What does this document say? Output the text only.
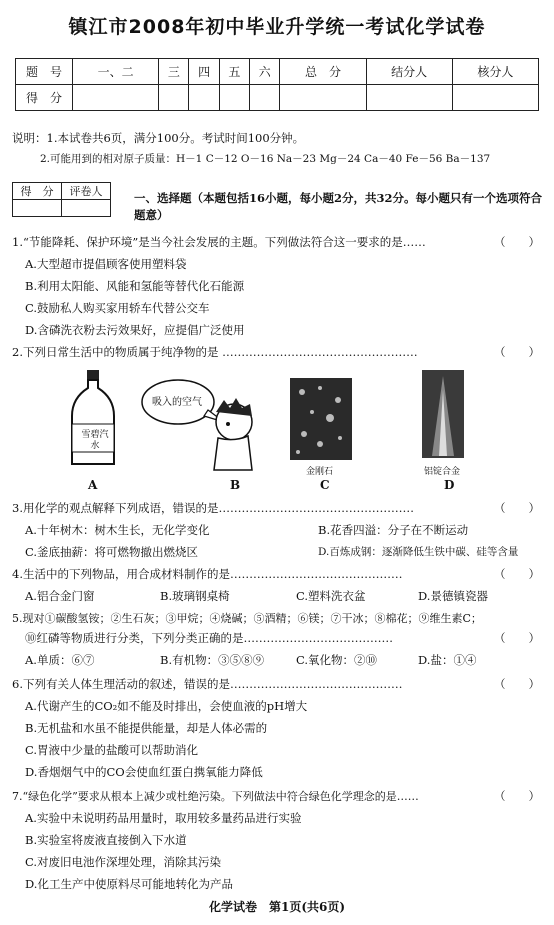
镇江市2008年初中毕业升学统一考试化学试卷
题　号	一、二	三	四	五	六	总　分	结分人	核分人
得　分								
说明：1.本试卷共6页，满分100分。考试时间100分钟。
2.可能用到的相对原子质量：H－1 C－12 O－16 Na－23 Mg－24 Ca－40 Fe－56 Ba－137
得　分	评卷人
		一、选择题（本题包括16小题，每小题2分，共32分。每小题只有一个选项符合题意）
1.“节能降耗、保护环境”是当今社会发展的主题。下列做法符合这一要求的是……	（　　）
A.大型超市提倡顾客使用塑料袋
B.利用太阳能、风能和氢能等替代化石能源
C.鼓励私人购买家用轿车代替公交车
D.含磷洗衣粉去污效果好，应提倡广泛使用
2.下列日常生活中的物质属于纯净物的是 ……………………………………………	（　　）
雪碧汽水
吸入的空气
金刚石	铝锭合金
A	B	C	D
3.用化学的观点解释下列成语，错误的是……………………………………………	（　　）
A.十年树木：树木生长，无化学变化	B.花香四溢：分子在不断运动
C.釜底抽薪：将可燃物撤出燃烧区	D.百炼成钢：逐渐降低生铁中碳、硅等含量
4.生活中的下列物品，用合成材料制作的是………………………………………	（　　）
A.铝合金门窗	B.玻璃钢桌椅	C.塑料洗衣盆	D.景德镇瓷器
5.现对①碳酸氢铵；②生石灰；③甲烷；④烧碱；⑤酒精；⑥镁；⑦干冰；⑧棉花；⑨维生素C；
⑩红磷等物质进行分类，下列分类正确的是…………………………………	（　　）
A.单质：⑥⑦	B.有机物：③⑤⑧⑨	C.氧化物：②⑩	D.盐：①④
6.下列有关人体生理活动的叙述，错误的是………………………………………	（　　）
A.代谢产生的CO₂如不能及时排出，会使血液的pH增大
B.无机盐和水虽不能提供能量，却是人体必需的
C.胃液中少量的盐酸可以帮助消化
D.香烟烟气中的CO会使血红蛋白携氧能力降低
7.“绿色化学”要求从根本上减少或杜绝污染。下列做法中符合绿色化学理念的是……	（　　）
A.实验中未说明药品用量时，取用较多量药品进行实验
B.实验室将废液直接倒入下水道
C.对废旧电池作深埋处理，消除其污染
D.化工生产中使原料尽可能地转化为产品
化学试卷　第1页(共6页)
